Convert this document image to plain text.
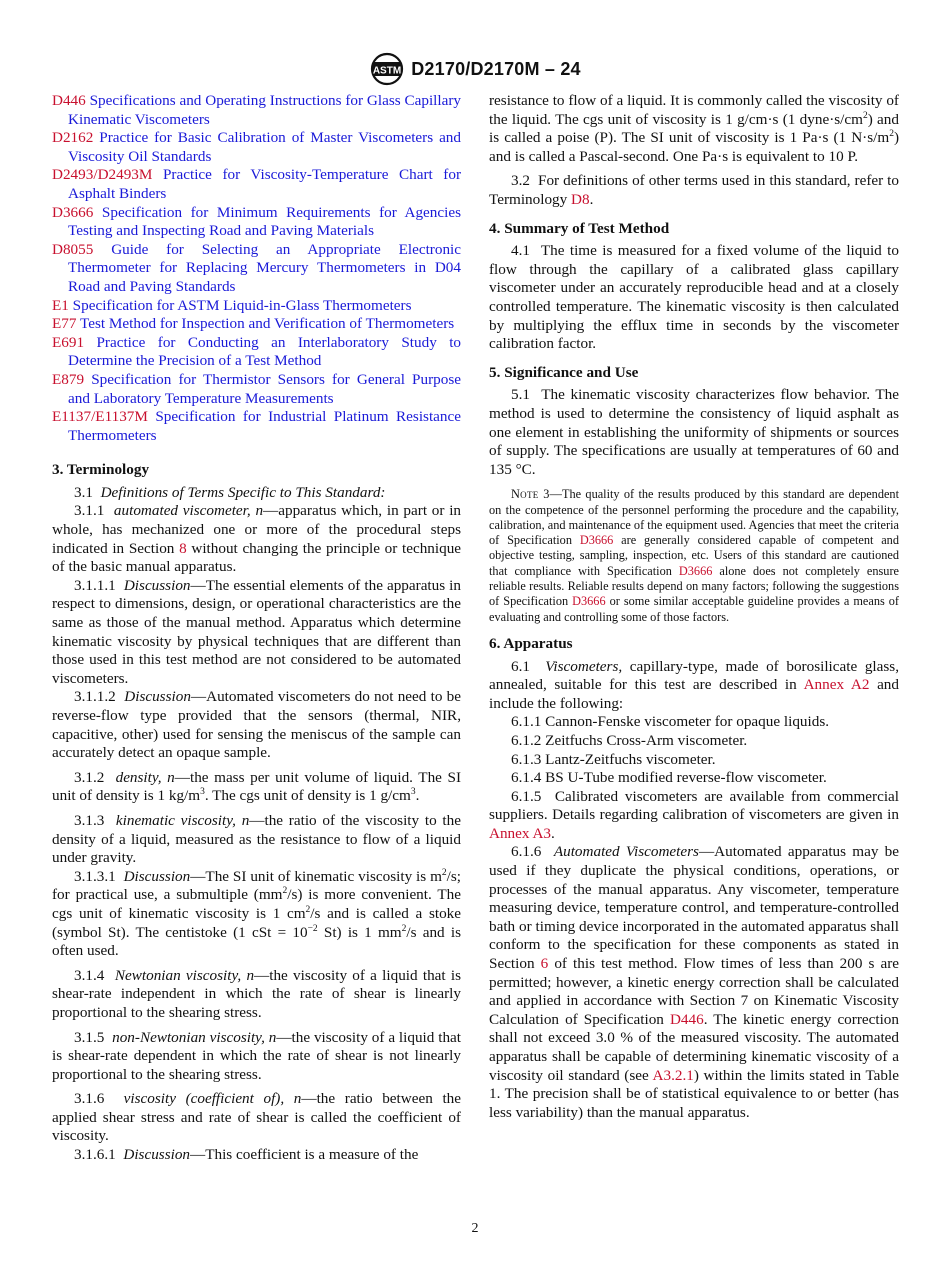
ASTM D2170/D2170M – 24

D446 Specifications and Operating Instructions for Glass Capillary Kinematic Viscometers

D2162 Practice for Basic Calibration of Master Viscometers and Viscosity Oil Standards

D2493/D2493M Practice for Viscosity-Temperature Chart for Asphalt Binders

D3666 Specification for Minimum Requirements for Agencies Testing and Inspecting Road and Paving Materials

D8055 Guide for Selecting an Appropriate Electronic Thermometer for Replacing Mercury Thermometers in D04 Road and Paving Standards

E1 Specification for ASTM Liquid-in-Glass Thermometers

E77 Test Method for Inspection and Verification of Thermometers

E691 Practice for Conducting an Interlaboratory Study to Determine the Precision of a Test Method

E879 Specification for Thermistor Sensors for General Purpose and Laboratory Temperature Measurements

E1137/E1137M Specification for Industrial Platinum Resistance Thermometers

3. Terminology

3.1 Definitions of Terms Specific to This Standard:

3.1.1 automated viscometer, n—apparatus which, in part or in whole, has mechanized one or more of the procedural steps indicated in Section 8 without changing the principle or technique of the basic manual apparatus.

3.1.1.1 Discussion—The essential elements of the apparatus in respect to dimensions, design, or operational characteristics are the same as those of the manual method. Apparatus which determine kinematic viscosity by physical techniques that are different than those used in this test method are not considered to be automated viscometers.

3.1.1.2 Discussion—Automated viscometers do not need to be reverse-flow type provided that the sensors (thermal, NIR, capacitive, other) used for sensing the meniscus of the sample can accurately detect an opaque sample.

3.1.2 density, n—the mass per unit volume of liquid. The SI unit of density is 1 $kg/m^3$. The cgs unit of density is 1 $g/cm^3$.

3.1.3 kinematic viscosity, n—the ratio of the viscosity to the density of a liquid, measured as the resistance to flow of a liquid under gravity.

3.1.3.1 Discussion—The SI unit of kinematic viscosity is $m^2/s$; for practical use, a submultiple $(mm^2/s)$ is more convenient. The cgs unit of kinematic viscosity is 1 $cm^2/s$ and is called a stoke (symbol St). The centistoke (1 cSt = $10^{-2}$ St) is 1 $mm^2/s$ and is often used.

3.1.4 Newtonian viscosity, n—the viscosity of a liquid that is shear-rate independent in which the rate of shear is linearly proportional to the shearing stress.

3.1.5 non-Newtonian viscosity, n—the viscosity of a liquid that is shear-rate dependent in which the rate of shear is not linearly proportional to the shearing stress.

3.1.6 viscosity (coefficient of), n—the ratio between the applied shear stress and rate of shear is called the coefficient of viscosity.

3.1.6.1 Discussion—This coefficient is a measure of the

resistance to flow of a liquid. It is commonly called the viscosity of the liquid. The cgs unit of viscosity is 1 g/cm·s (1 $dyne\cdot s/cm^2$) and is called a poise (P). The SI unit of viscosity is 1 Pa·s (1 $N\cdot s/m^2$) and is called a Pascal-second. One Pa·s is equivalent to 10 P.

3.2 For definitions of other terms used in this standard, refer to Terminology D8.

4. Summary of Test Method

4.1 The time is measured for a fixed volume of the liquid to flow through the capillary of a calibrated glass capillary viscometer under an accurately reproducible head and at a closely controlled temperature. The kinematic viscosity is then calculated by multiplying the efflux time in seconds by the viscometer calibration factor.

5. Significance and Use

5.1 The kinematic viscosity characterizes flow behavior. The method is used to determine the consistency of liquid asphalt as one element in establishing the uniformity of shipments or sources of supply. The specifications are usually at temperatures of 60 and 135 °C.

Note 3—The quality of the results produced by this standard are dependent on the competence of the personnel performing the procedure and the capability, calibration, and maintenance of the equipment used. Agencies that meet the criteria of Specification D3666 are generally considered capable of competent and objective testing, sampling, inspection, etc. Users of this standard are cautioned that compliance with Specification D3666 alone does not completely ensure reliable results. Reliable results depend on many factors; following the suggestions of Specification D3666 or some similar acceptable guideline provides a means of evaluating and controlling some of those factors.

6. Apparatus

6.1 Viscometers, capillary-type, made of borosilicate glass, annealed, suitable for this test are described in Annex A2 and include the following:

6.1.1 Cannon-Fenske viscometer for opaque liquids.

6.1.2 Zeitfuchs Cross-Arm viscometer.

6.1.3 Lantz-Zeitfuchs viscometer.

6.1.4 BS U-Tube modified reverse-flow viscometer.

6.1.5 Calibrated viscometers are available from commercial suppliers. Details regarding calibration of viscometers are given in Annex A3.

6.1.6 Automated Viscometers—Automated apparatus may be used if they duplicate the physical conditions, operations, or processes of the manual apparatus. Any viscometer, temperature measuring device, temperature control, and temperature-controlled bath or timing device incorporated in the automated apparatus shall conform to the specification for these components as stated in Section 6 of this test method. Flow times of less than 200 s are permitted; however, a kinetic energy correction shall be calculated and applied in accordance with Section 7 on Kinematic Viscosity Calculation of Specification D446. The kinetic energy correction shall not exceed 3.0 % of the measured viscosity. The automated apparatus shall be capable of determining kinematic viscosity of a viscosity oil standard (see A3.2.1) within the limits stated in Table 1. The precision shall be of statistical equivalence to or better (has less variability) than the manual apparatus.

2
